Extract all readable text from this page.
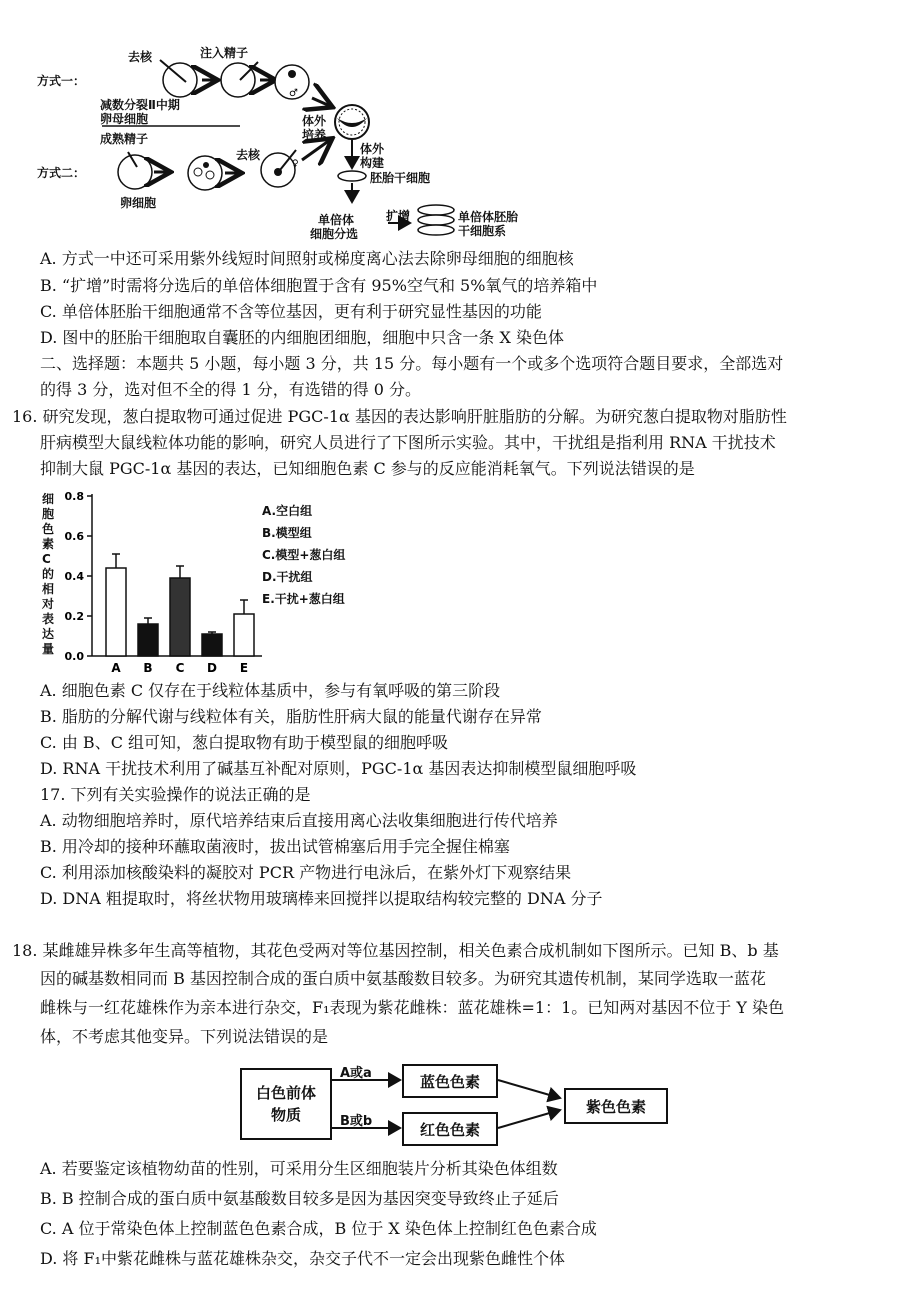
♂
♀
方式一：
方式二：
去核	注入精子
减数分裂Ⅱ中期
卵母细胞
成熟精子
卵细胞
去核
体外
培养
体外
构建
胚胎干细胞
单倍体
细胞分选
扩增	单倍体胚胎
干细胞系
A. 方式一中还可采用紫外线短时间照射或梯度离心法去除卵母细胞的细胞核
B. “扩增”时需将分选后的单倍体细胞置于含有 95%空气和 5%氧气的培养箱中
C. 单倍体胚胎干细胞通常不含等位基因，更有利于研究显性基因的功能
D. 图中的胚胎干细胞取自囊胚的内细胞团细胞，细胞中只含一条 X 染色体
二、选择题：本题共 5 小题，每小题 3 分，共 15 分。每小题有一个或多个选项符合题目要求，全部选对
的得 3 分，选对但不全的得 1 分，有选错的得 0 分。
16. 研究发现，葱白提取物可通过促进 PGC-1α 基因的表达影响肝脏脂肪的分解。为研究葱白提取物对脂肪性
肝病模型大鼠线粒体功能的影响，研究人员进行了下图所示实验。其中，干扰组是指利用 RNA 干扰技术
抑制大鼠 PGC-1α 基因的表达，已知细胞色素 C 参与的反应能消耗氧气。下列说法错误的是
细胞色素C的相对表达量
0.0
0.2
0.4
0.6
0.8
A B C D E
A.空白组
B.模型组
C.模型+葱白组
D.干扰组
E.干扰+葱白组
A. 细胞色素 C 仅存在于线粒体基质中，参与有氧呼吸的第三阶段
B. 脂肪的分解代谢与线粒体有关，脂肪性肝病大鼠的能量代谢存在异常
C. 由 B、C 组可知，葱白提取物有助于模型鼠的细胞呼吸
D. RNA 干扰技术利用了碱基互补配对原则，PGC-1α 基因表达抑制模型鼠细胞呼吸
17. 下列有关实验操作的说法正确的是
A. 动物细胞培养时，原代培养结束后直接用离心法收集细胞进行传代培养
B. 用冷却的接种环蘸取菌液时，拔出试管棉塞后用手完全握住棉塞
C. 利用添加核酸染料的凝胶对 PCR 产物进行电泳后，在紫外灯下观察结果
D. DNA 粗提取时，将丝状物用玻璃棒来回搅拌以提取结构较完整的 DNA 分子
18. 某雌雄异株多年生高等植物，其花色受两对等位基因控制，相关色素合成机制如下图所示。已知 B、b 基
因的碱基数相同而 B 基因控制合成的蛋白质中氨基酸数目较多。为研究其遗传机制，某同学选取一蓝花
雌株与一红花雄株作为亲本进行杂交，F₁表现为紫花雌株：蓝花雄株=1：1。已知两对基因不位于 Y 染色
体，不考虑其他变异。下列说法错误的是
白色前体物质
A或a
B或b
蓝色色素
红色色素
紫色色素
A. 若要鉴定该植物幼苗的性别，可采用分生区细胞装片分析其染色体组数
B. B 控制合成的蛋白质中氨基酸数目较多是因为基因突变导致终止子延后
C. A 位于常染色体上控制蓝色色素合成，B 位于 X 染色体上控制红色色素合成
D. 将 F₁中紫花雌株与蓝花雄株杂交，杂交子代不一定会出现紫色雌性个体
